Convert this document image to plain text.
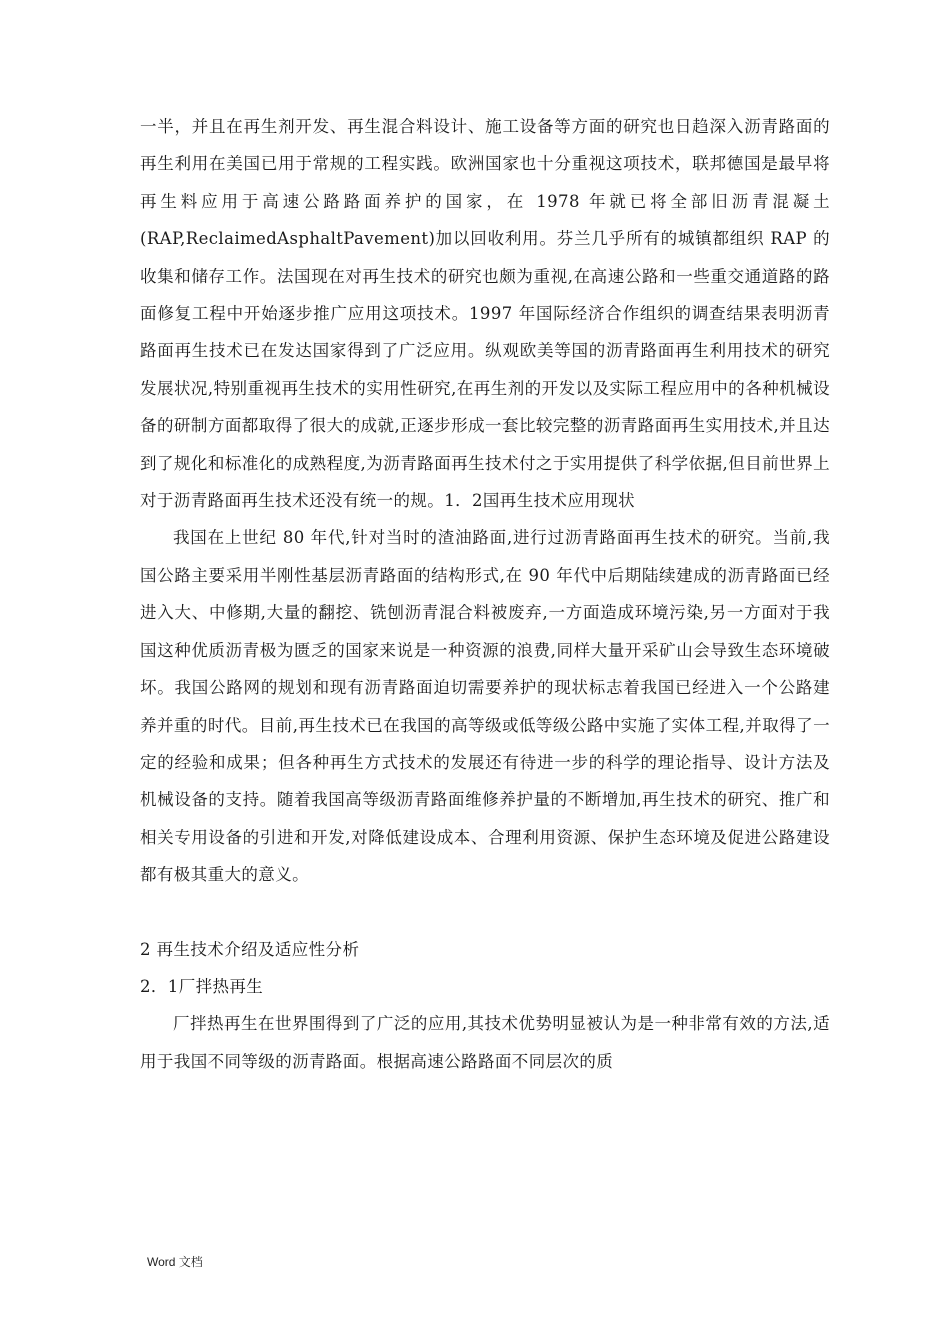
一半，并且在再生剂开发、再生混合料设计、施工设备等方面的研究也日趋深入沥青路面的再生利用在美国已用于常规的工程实践。欧洲国家也十分重视这项技术，联邦德国是最早将再生料应用于高速公路路面养护的国家，在 1978 年就已将全部旧沥青混凝土(RAP,ReclaimedAsphaltPavement)加以回收利用。芬兰几乎所有的城镇都组织 RAP 的收集和储存工作。法国现在对再生技术的研究也颇为重视,在高速公路和一些重交通道路的路面修复工程中开始逐步推广应用这项技术。1997 年国际经济合作组织的调查结果表明沥青路面再生技术已在发达国家得到了广泛应用。纵观欧美等国的沥青路面再生利用技术的研究发展状况,特别重视再生技术的实用性研究,在再生剂的开发以及实际工程应用中的各种机械设备的研制方面都取得了很大的成就,正逐步形成一套比较完整的沥青路面再生实用技术,并且达到了规化和标准化的成熟程度,为沥青路面再生技术付之于实用提供了科学依据,但目前世界上对于沥青路面再生技术还没有统一的规。1．2国再生技术应用现状

我国在上世纪 80 年代,针对当时的渣油路面,进行过沥青路面再生技术的研究。当前,我国公路主要采用半刚性基层沥青路面的结构形式,在 90 年代中后期陆续建成的沥青路面已经进入大、中修期,大量的翻挖、铣刨沥青混合料被废弃,一方面造成环境污染,另一方面对于我国这种优质沥青极为匮乏的国家来说是一种资源的浪费,同样大量开采矿山会导致生态环境破坏。我国公路网的规划和现有沥青路面迫切需要养护的现状标志着我国已经进入一个公路建养并重的时代。目前,再生技术已在我国的高等级或低等级公路中实施了实体工程,并取得了一定的经验和成果；但各种再生方式技术的发展还有待进一步的科学的理论指导、设计方法及机械设备的支持。随着我国高等级沥青路面维修养护量的不断增加,再生技术的研究、推广和相关专用设备的引进和开发,对降低建设成本、合理利用资源、保护生态环境及促进公路建设都有极其重大的意义。

2 再生技术介绍及适应性分析

2．1厂拌热再生

厂拌热再生在世界围得到了广泛的应用,其技术优势明显被认为是一种非常有效的方法,适用于我国不同等级的沥青路面。根据高速公路路面不同层次的质

Word 文档
